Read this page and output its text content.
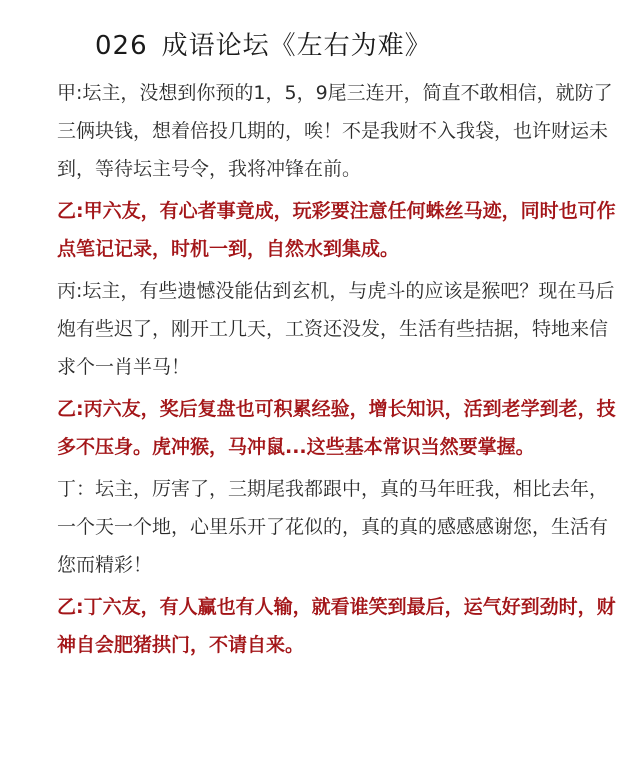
026 成语论坛《左右为难》

甲:坛主，没想到你预的1，5，9尾三连开，简直不敢相信，就防了三俩块钱，想着倍投几期的，唉！不是我财不入我袋，也许财运未到，等待坛主号令，我将冲锋在前。

乙:甲六友，有心者事竟成，玩彩要注意任何蛛丝马迹，同时也可作点笔记记录，时机一到，自然水到集成。

丙:坛主，有些遗憾没能估到玄机，与虎斗的应该是猴吧？现在马后炮有些迟了，刚开工几天，工资还没发，生活有些拮据，特地来信求个一肖半马！

乙:丙六友，奖后复盘也可积累经验，增长知识，活到老学到老，技多不压身。虎冲猴，马冲鼠...这些基本常识当然要掌握。

丁：坛主，厉害了，三期尾我都跟中，真的马年旺我，相比去年，一个天一个地，心里乐开了花似的，真的真的感感感谢您，生活有您而精彩！

乙:丁六友，有人赢也有人输，就看谁笑到最后，运气好到劲时，财神自会肥猪拱门，不请自来。
